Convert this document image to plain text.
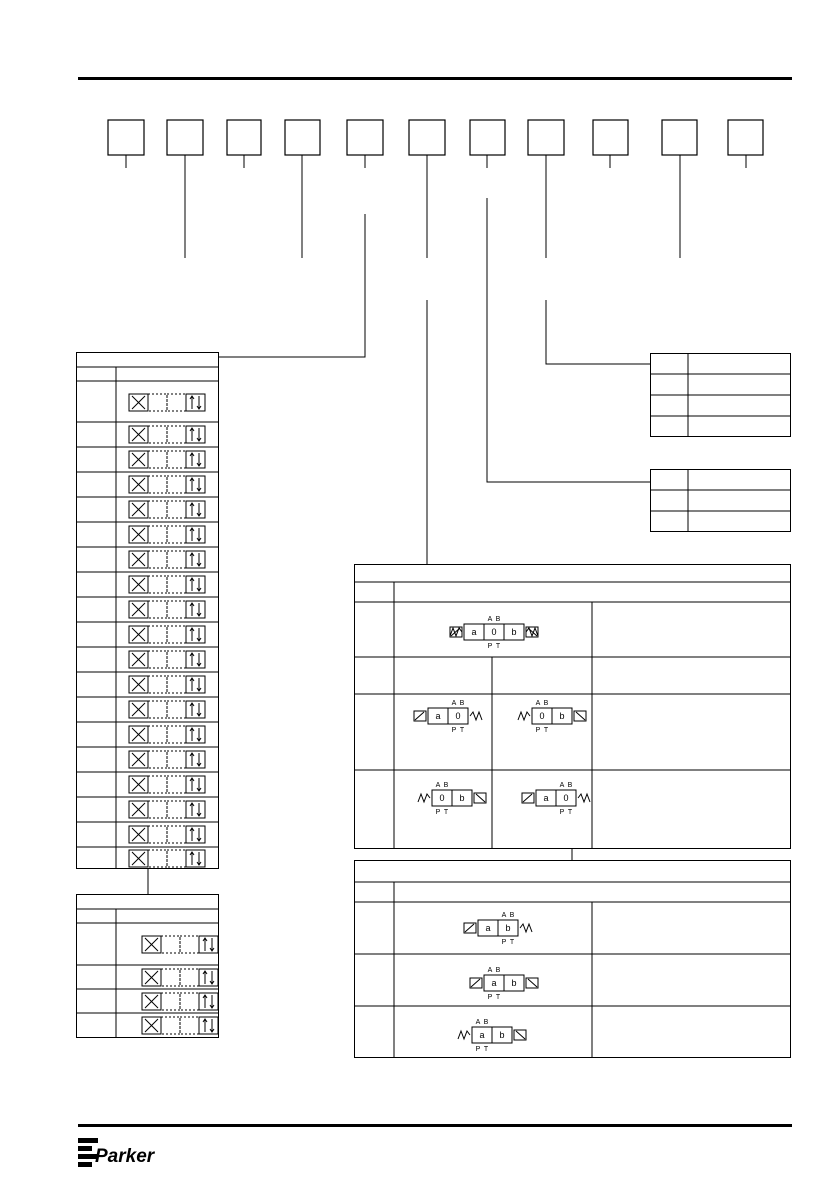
a 0 b
A B
P T
a 0
A B
P T
0 b
A B
P T
0 b
A B
P T
a 0
A B
P T
a b
A B
P T
a b
A B
P T
a b
A B
P T
Parker
